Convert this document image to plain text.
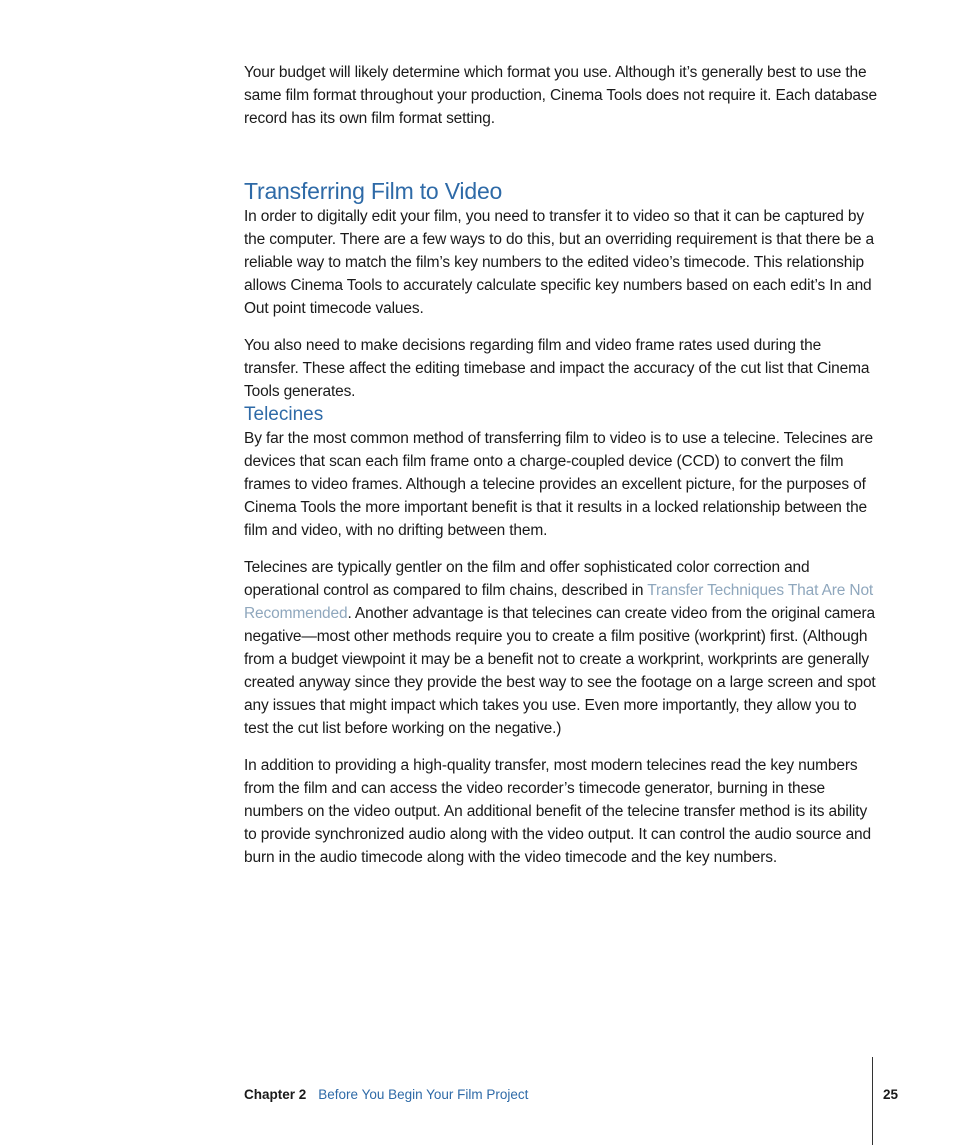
Your budget will likely determine which format you use. Although it’s generally best to use the same film format throughout your production, Cinema Tools does not require it. Each database record has its own film format setting.

Transferring Film to Video

In order to digitally edit your film, you need to transfer it to video so that it can be captured by the computer. There are a few ways to do this, but an overriding requirement is that there be a reliable way to match the film’s key numbers to the edited video’s timecode. This relationship allows Cinema Tools to accurately calculate specific key numbers based on each edit’s In and Out point timecode values.

You also need to make decisions regarding film and video frame rates used during the transfer. These affect the editing timebase and impact the accuracy of the cut list that Cinema Tools generates.

Telecines

By far the most common method of transferring film to video is to use a telecine. Telecines are devices that scan each film frame onto a charge-coupled device (CCD) to convert the film frames to video frames. Although a telecine provides an excellent picture, for the purposes of Cinema Tools the more important benefit is that it results in a locked relationship between the film and video, with no drifting between them.

Telecines are typically gentler on the film and offer sophisticated color correction and operational control as compared to film chains, described in Transfer Techniques That Are Not Recommended. Another advantage is that telecines can create video from the original camera negative—most other methods require you to create a film positive (workprint) first. (Although from a budget viewpoint it may be a benefit not to create a workprint, workprints are generally created anyway since they provide the best way to see the footage on a large screen and spot any issues that might impact which takes you use. Even more importantly, they allow you to test the cut list before working on the negative.)

In addition to providing a high-quality transfer, most modern telecines read the key numbers from the film and can access the video recorder’s timecode generator, burning in these numbers on the video output. An additional benefit of the telecine transfer method is its ability to provide synchronized audio along with the video output. It can control the audio source and burn in the audio timecode along with the video timecode and the key numbers.

Chapter 2 Before You Begin Your Film Project	25
